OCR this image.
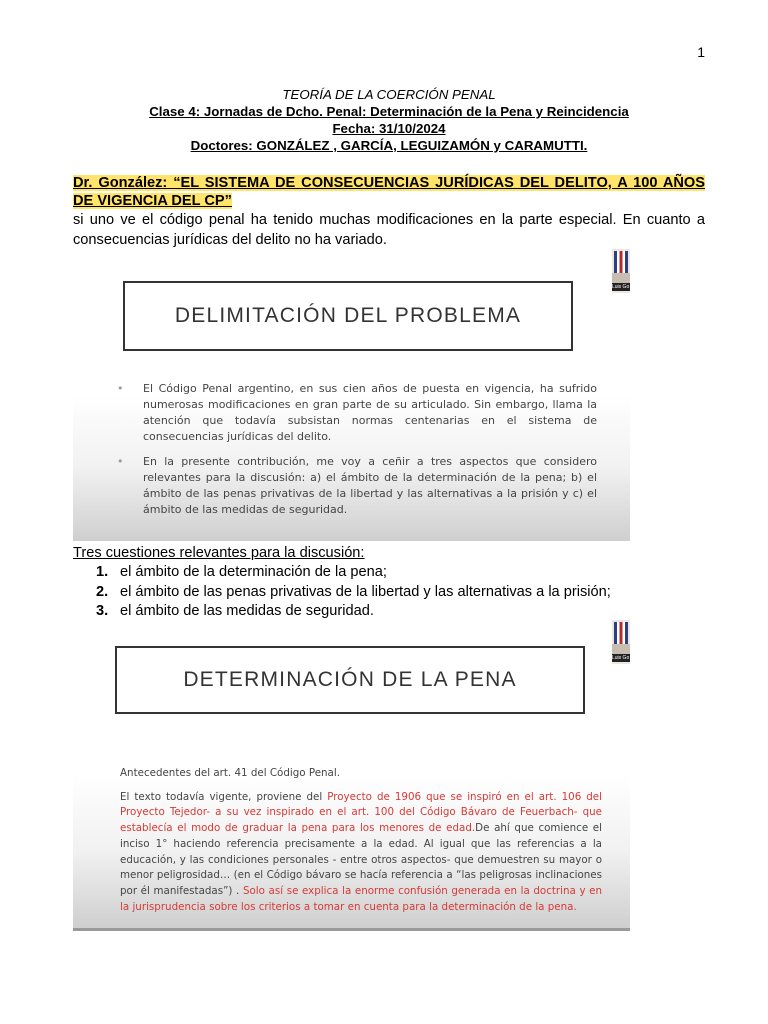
1
TEORÍA DE LA COERCIÓN PENAL
Clase 4: Jornadas de Dcho. Penal: Determinación de la Pena y Reincidencia
Fecha: 31/10/2024
Doctores: GONZÁLEZ , GARCÍA, LEGUIZAMÓN y CARAMUTTI.
Dr. González: “EL SISTEMA DE CONSECUENCIAS JURÍDICAS DEL DELITO, A 100 AÑOS DE VIGENCIA DEL CP”
si uno ve el código penal ha tenido muchas modificaciones en la parte especial. En cuanto a consecuencias jurídicas del delito no ha variado.
DELIMITACIÓN DEL PROBLEMA
Luis Go
• El Código Penal argentino, en sus cien años de puesta en vigencia, ha sufrido numerosas modificaciones en gran parte de su articulado. Sin embargo, llama la atención que todavía subsistan normas centenarias en el sistema de consecuencias jurídicas del delito.
• En la presente contribución, me voy a ceñir a tres aspectos que considero relevantes para la discusión: a) el ámbito de la determinación de la pena; b) el ámbito de las penas privativas de la libertad y las alternativas a la prisión y c) el ámbito de las medidas de seguridad.
Tres cuestiones relevantes para la discusión:
1. el ámbito de la determinación de la pena;
2. el ámbito de las penas privativas de la libertad y las alternativas a la prisión;
3. el ámbito de las medidas de seguridad.
DETERMINACIÓN DE LA PENA
Luis Go
Antecedentes del art. 41 del Código Penal.
El texto todavía vigente, proviene del Proyecto de 1906 que se inspiró en el art. 106 del Proyecto Tejedor- a su vez inspirado en el art. 100 del Código Bávaro de Feuerbach- que establecía el modo de graduar la pena para los menores de edad.De ahí que comience el inciso 1° haciendo referencia precisamente a la edad. Al igual que las referencias a la educación, y las condiciones personales - entre otros aspectos- que demuestren su mayor o menor peligrosidad… (en el Código bávaro se hacía referencia a “las peligrosas inclinaciones por él manifestadas”) . Solo así se explica la enorme confusión generada en la doctrina y en la jurisprudencia sobre los criterios a tomar en cuenta para la determinación de la pena.
